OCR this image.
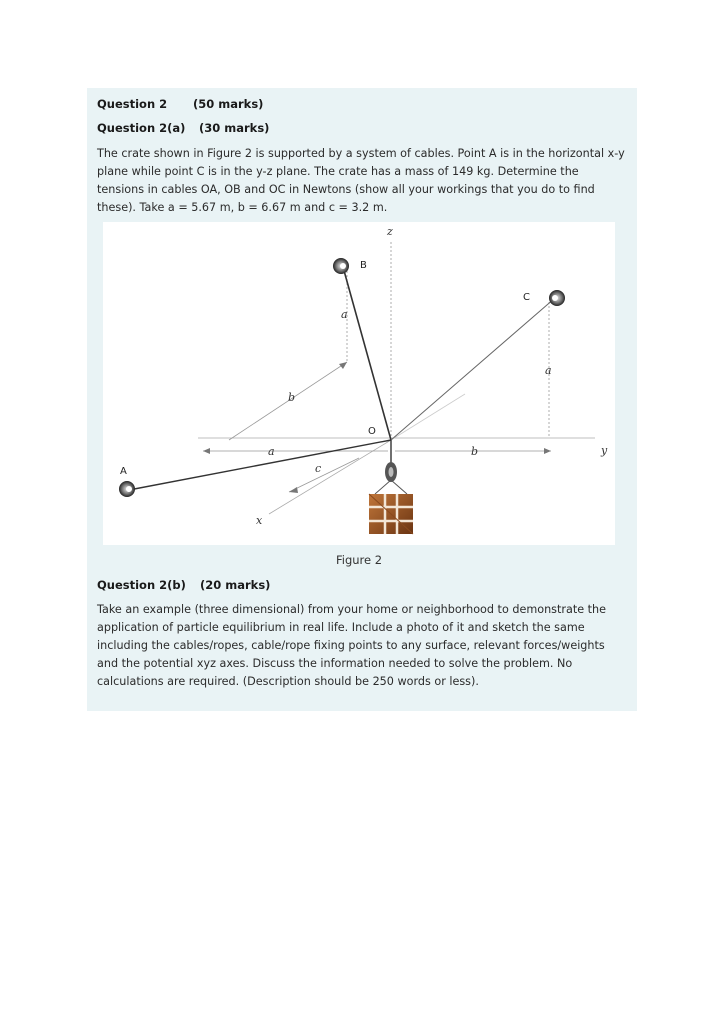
Question 2 (50 marks)
Question 2(a) (30 marks)
The crate shown in Figure 2 is supported by a system of cables. Point A is in the horizontal x-y
plane while point C is in the y-z plane. The crate has a mass of 149 kg. Determine the
tensions in cables OA, OB and OC in Newtons (show all your workings that you do to find
these). Take a = 5.67 m, b = 6.67 m and c = 3.2 m.
z
B
C
A
O
y
x
a
a
b
a	b
c
Figure 2
Question 2(b) (20 marks)
Take an example (three dimensional) from your home or neighborhood to demonstrate the
application of particle equilibrium in real life. Include a photo of it and sketch the same
including the cables/ropes, cable/rope fixing points to any surface, relevant forces/weights
and the potential xyz axes. Discuss the information needed to solve the problem. No
calculations are required. (Description should be 250 words or less).
